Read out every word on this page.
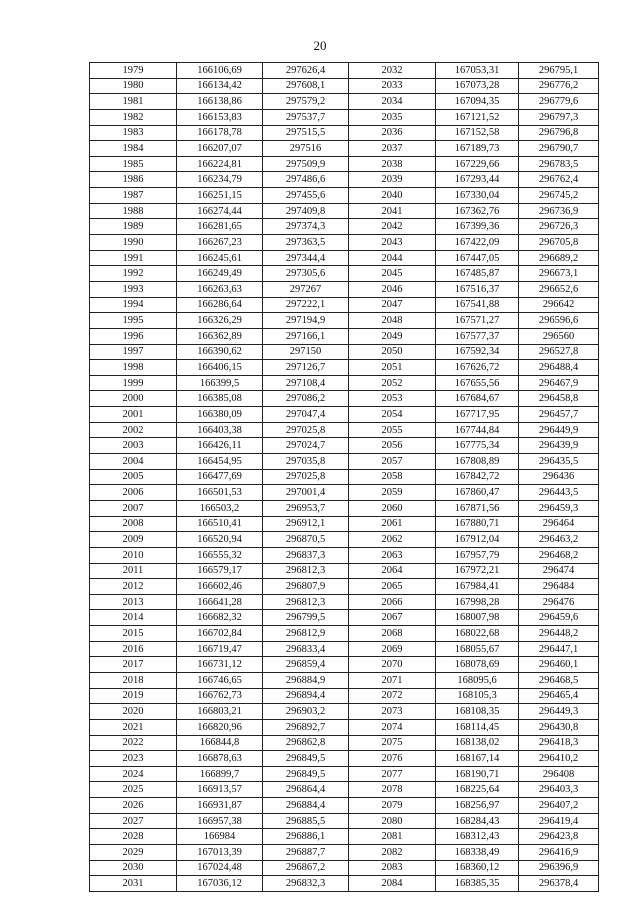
20
1979	166106,69	297626,4	2032	167053,31	296795,1
1980	166134,42	297608,1	2033	167073,28	296776,2
1981	166138,86	297579,2	2034	167094,35	296779,6
1982	166153,83	297537,7	2035	167121,52	296797,3
1983	166178,78	297515,5	2036	167152,58	296796,8
1984	166207,07	297516	2037	167189,73	296790,7
1985	166224,81	297509,9	2038	167229,66	296783,5
1986	166234,79	297486,6	2039	167293,44	296762,4
1987	166251,15	297455,6	2040	167330,04	296745,2
1988	166274,44	297409,8	2041	167362,76	296736,9
1989	166281,65	297374,3	2042	167399,36	296726,3
1990	166267,23	297363,5	2043	167422,09	296705,8
1991	166245,61	297344,4	2044	167447,05	296689,2
1992	166249,49	297305,6	2045	167485,87	296673,1
1993	166263,63	297267	2046	167516,37	296652,6
1994	166286,64	297222,1	2047	167541,88	296642
1995	166326,29	297194,9	2048	167571,27	296596,6
1996	166362,89	297166,1	2049	167577,37	296560
1997	166390,62	297150	2050	167592,34	296527,8
1998	166406,15	297126,7	2051	167626,72	296488,4
1999	166399,5	297108,4	2052	167655,56	296467,9
2000	166385,08	297086,2	2053	167684,67	296458,8
2001	166380,09	297047,4	2054	167717,95	296457,7
2002	166403,38	297025,8	2055	167744,84	296449,9
2003	166426,11	297024,7	2056	167775,34	296439,9
2004	166454,95	297035,8	2057	167808,89	296435,5
2005	166477,69	297025,8	2058	167842,72	296436
2006	166501,53	297001,4	2059	167860,47	296443,5
2007	166503,2	296953,7	2060	167871,56	296459,3
2008	166510,41	296912,1	2061	167880,71	296464
2009	166520,94	296870,5	2062	167912,04	296463,2
2010	166555,32	296837,3	2063	167957,79	296468,2
2011	166579,17	296812,3	2064	167972,21	296474
2012	166602,46	296807,9	2065	167984,41	296484
2013	166641,28	296812,3	2066	167998,28	296476
2014	166682,32	296799,5	2067	168007,98	296459,6
2015	166702,84	296812,9	2068	168022,68	296448,2
2016	166719,47	296833,4	2069	168055,67	296447,1
2017	166731,12	296859,4	2070	168078,69	296460,1
2018	166746,65	296884,9	2071	168095,6	296468,5
2019	166762,73	296894,4	2072	168105,3	296465,4
2020	166803,21	296903,2	2073	168108,35	296449,3
2021	166820,96	296892,7	2074	168114,45	296430,8
2022	166844,8	296862,8	2075	168138,02	296418,3
2023	166878,63	296849,5	2076	168167,14	296410,2
2024	166899,7	296849,5	2077	168190,71	296408
2025	166913,57	296864,4	2078	168225,64	296403,3
2026	166931,87	296884,4	2079	168256,97	296407,2
2027	166957,38	296885,5	2080	168284,43	296419,4
2028	166984	296886,1	2081	168312,43	296423,8
2029	167013,39	296887,7	2082	168338,49	296416,9
2030	167024,48	296867,2	2083	168360,12	296396,9
2031	167036,12	296832,3	2084	168385,35	296378,4
